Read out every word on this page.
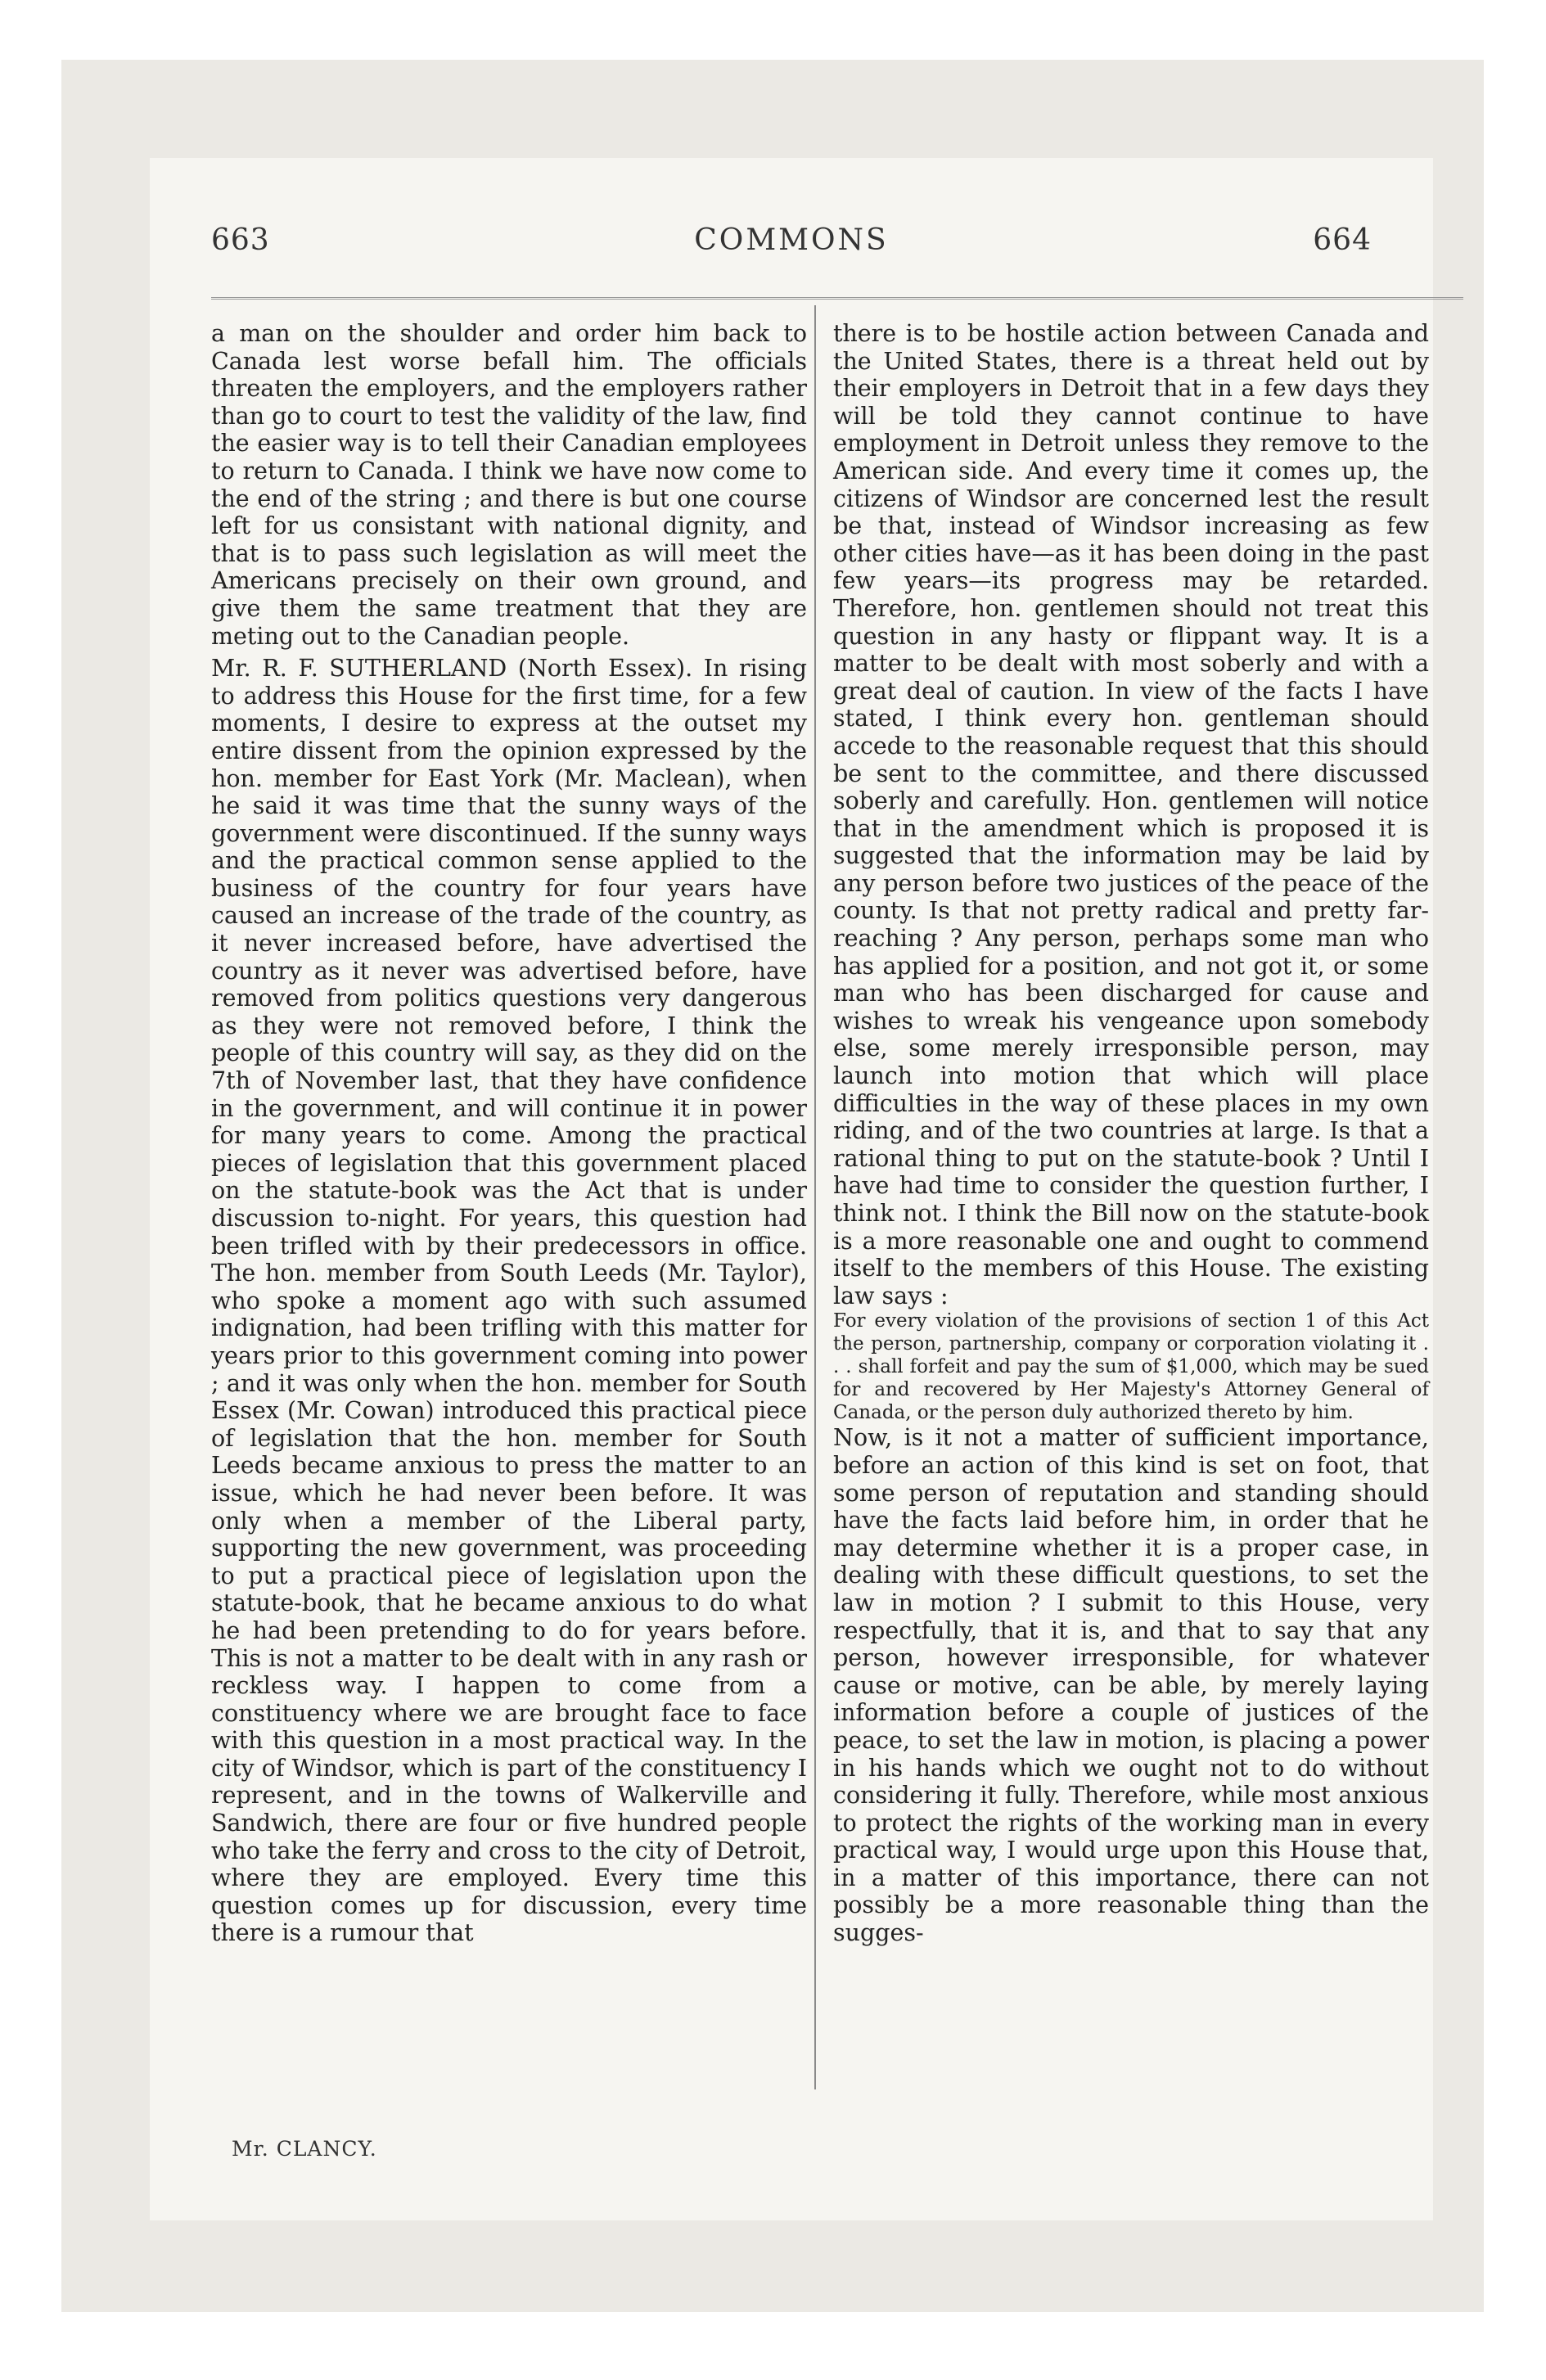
663	COMMONS	664

a man on the shoulder and order him back to Canada lest worse befall him. The officials threaten the employers, and the employers rather than go to court to test the validity of the law, find the easier way is to tell their Canadian employees to return to Canada. I think we have now come to the end of the string ; and there is but one course left for us consistant with national dignity, and that is to pass such legislation as will meet the Americans precisely on their own ground, and give them the same treatment that they are meting out to the Canadian people.

Mr. R. F. SUTHERLAND (North Essex). In rising to address this House for the first time, for a few moments, I desire to express at the outset my entire dissent from the opinion expressed by the hon. member for East York (Mr. Maclean), when he said it was time that the sunny ways of the government were discontinued. If the sunny ways and the practical common sense applied to the business of the country for four years have caused an increase of the trade of the country, as it never increased before, have advertised the country as it never was advertised before, have removed from politics questions very dangerous as they were not removed before, I think the people of this country will say, as they did on the 7th of November last, that they have confidence in the government, and will continue it in power for many years to come. Among the practical pieces of legislation that this government placed on the statute-book was the Act that is under discussion to-night. For years, this question had been trifled with by their predecessors in office. The hon. member from South Leeds (Mr. Taylor), who spoke a moment ago with such assumed indignation, had been trifling with this matter for years prior to this government coming into power ; and it was only when the hon. member for South Essex (Mr. Cowan) introduced this practical piece of legislation that the hon. member for South Leeds became anxious to press the matter to an issue, which he had never been before. It was only when a member of the Liberal party, supporting the new government, was proceeding to put a practical piece of legislation upon the statute-book, that he became anxious to do what he had been pretending to do for years before. This is not a matter to be dealt with in any rash or reckless way. I happen to come from a constituency where we are brought face to face with this question in a most practical way. In the city of Windsor, which is part of the constituency I represent, and in the towns of Walkerville and Sandwich, there are four or five hundred people who take the ferry and cross to the city of Detroit, where they are employed. Every time this question comes up for discussion, every time there is a rumour that

there is to be hostile action between Canada and the United States, there is a threat held out by their employers in Detroit that in a few days they will be told they cannot continue to have employment in Detroit unless they remove to the American side. And every time it comes up, the citizens of Windsor are concerned lest the result be that, instead of Windsor increasing as few other cities have—as it has been doing in the past few years—its progress may be retarded. Therefore, hon. gentlemen should not treat this question in any hasty or flippant way. It is a matter to be dealt with most soberly and with a great deal of caution. In view of the facts I have stated, I think every hon. gentleman should accede to the reasonable request that this should be sent to the committee, and there discussed soberly and carefully. Hon. gentlemen will notice that in the amendment which is proposed it is suggested that the information may be laid by any person before two justices of the peace of the county. Is that not pretty radical and pretty far-reaching ? Any person, perhaps some man who has applied for a position, and not got it, or some man who has been discharged for cause and wishes to wreak his vengeance upon somebody else, some merely irresponsible person, may launch into motion that which will place difficulties in the way of these places in my own riding, and of the two countries at large. Is that a rational thing to put on the statute-book ? Until I have had time to consider the question further, I think not. I think the Bill now on the statute-book is a more reasonable one and ought to commend itself to the members of this House. The existing law says :

For every violation of the provisions of section 1 of this Act the person, partnership, company or corporation violating it . . . shall forfeit and pay the sum of $1,000, which may be sued for and recovered by Her Majesty's Attorney General of Canada, or the person duly authorized thereto by him.

Now, is it not a matter of sufficient importance, before an action of this kind is set on foot, that some person of reputation and standing should have the facts laid before him, in order that he may determine whether it is a proper case, in dealing with these difficult questions, to set the law in motion ? I submit to this House, very respectfully, that it is, and that to say that any person, however irresponsible, for whatever cause or motive, can be able, by merely laying information before a couple of justices of the peace, to set the law in motion, is placing a power in his hands which we ought not to do without considering it fully. Therefore, while most anxious to protect the rights of the working man in every practical way, I would urge upon this House that, in a matter of this importance, there can not possibly be a more reasonable thing than the sugges-

Mr. CLANCY.
